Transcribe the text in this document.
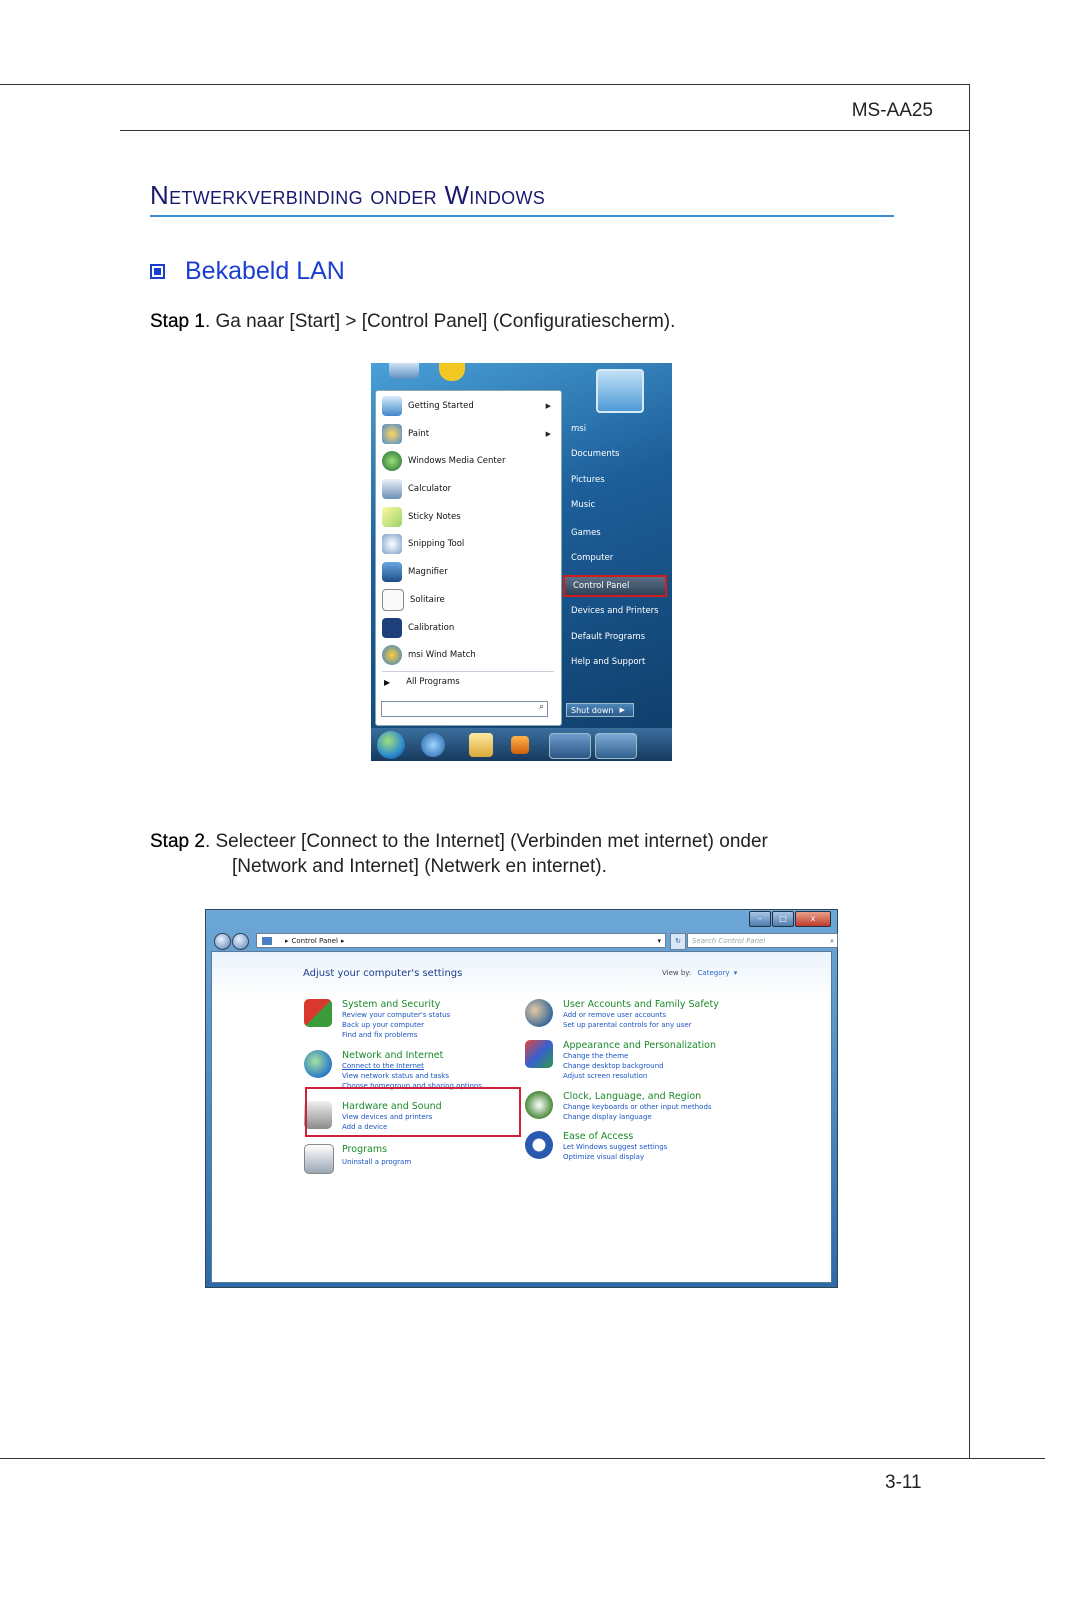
MS-AA25
Netwerkverbinding onder Windows
Bekabeld LAN
Stap 1. Ga naar [Start] > [Control Panel] (Configuratiescherm).
Getting Started	▶
Paint	▶
Windows Media Center
Calculator
Sticky Notes
Snipping Tool
Magnifier
Solitaire
Calibration
msi Wind Match
▶ All Programs
⌕
msi
Documents
Pictures
Music
Games
Computer
Control Panel
Devices and Printers
Default Programs
Help and Support
Shut down ▶
Stap 2. Selecteer [Connect to the Internet] (Verbinden met internet) onder
[Network and Internet] (Netwerk en internet).
–	□	x
▸ Control Panel ▸	▾	↻	Search Control Panel	⌕
Adjust your computer's settings	View by: Category ▾
System and Security
Review your computer's status
Back up your computer
Find and fix problems
Network and Internet
Connect to the Internet
View network status and tasks
Choose homegroup and sharing options
Hardware and Sound
View devices and printers
Add a device
Programs
Uninstall a program
User Accounts and Family Safety
Add or remove user accounts
Set up parental controls for any user
Appearance and Personalization
Change the theme
Change desktop background
Adjust screen resolution
Clock, Language, and Region
Change keyboards or other input methods
Change display language
Ease of Access
Let Windows suggest settings
Optimize visual display
3-11
